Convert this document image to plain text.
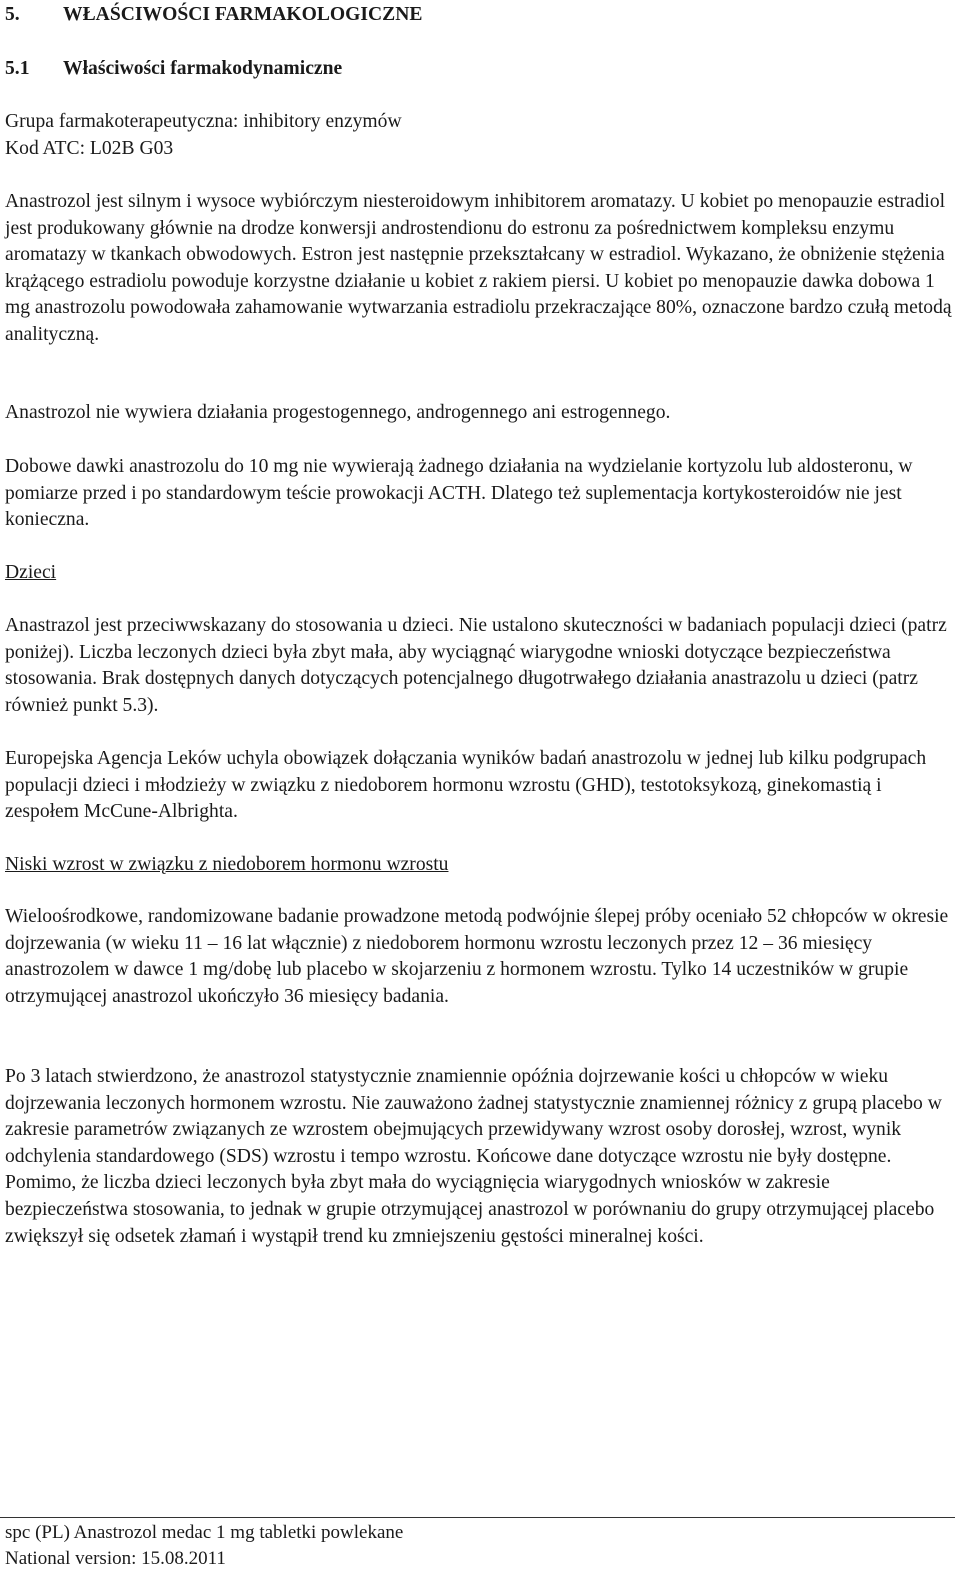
5. WŁAŚCIWOŚCI FARMAKOLOGICZNE
5.1 Właściwości farmakodynamiczne
Grupa farmakoterapeutyczna: inhibitory enzymów
Kod ATC: L02B G03

Anastrozol jest silnym i wysoce wybiórczym niesteroidowym inhibitorem aromatazy. U kobiet po menopauzie estradiol jest produkowany głównie na drodze konwersji androstendionu do estronu za pośrednictwem kompleksu enzymu aromatazy w tkankach obwodowych. Estron jest następnie przekształcany w estradiol. Wykazano, że obniżenie stężenia krążącego estradiolu powoduje korzystne działanie u kobiet z rakiem piersi. U kobiet po menopauzie dawka dobowa 1 mg anastrozolu powodowała zahamowanie wytwarzania estradiolu przekraczające 80%, oznaczone bardzo czułą metodą analityczną.

Anastrozol nie wywiera działania progestogennego, androgennego ani estrogennego.

Dobowe dawki anastrozolu do 10 mg nie wywierają żadnego działania na wydzielanie kortyzolu lub aldosteronu, w pomiarze przed i po standardowym teście prowokacji ACTH. Dlatego też suplementacja kortykosteroidów nie jest konieczna.

Dzieci

Anastrazol jest przeciwwskazany do stosowania u dzieci. Nie ustalono skuteczności w badaniach populacji dzieci (patrz poniżej). Liczba leczonych dzieci była zbyt mała, aby wyciągnąć wiarygodne wnioski dotyczące bezpieczeństwa stosowania. Brak dostępnych danych dotyczących potencjalnego długotrwałego działania anastrazolu u dzieci (patrz również punkt 5.3).

Europejska Agencja Leków uchyla obowiązek dołączania wyników badań anastrozolu w jednej lub kilku podgrupach populacji dzieci i młodzieży w związku z niedoborem hormonu wzrostu (GHD), testotoksykozą, ginekomastią i zespołem McCune-Albrighta.

Niski wzrost w związku z niedoborem hormonu wzrostu

Wieloośrodkowe, randomizowane badanie prowadzone metodą podwójnie ślepej próby oceniało 52 chłopców w okresie dojrzewania (w wieku 11 – 16 lat włącznie) z niedoborem hormonu wzrostu leczonych przez 12 – 36 miesięcy anastrozolem w dawce 1 mg/dobę lub placebo w skojarzeniu z hormonem wzrostu. Tylko 14 uczestników w grupie otrzymującej anastrozol ukończyło 36 miesięcy badania.

Po 3 latach stwierdzono, że anastrozol statystycznie znamiennie opóźnia dojrzewanie kości u chłopców w wieku dojrzewania leczonych hormonem wzrostu. Nie zauważono żadnej statystycznie znamiennej różnicy z grupą placebo w zakresie parametrów związanych ze wzrostem obejmujących przewidywany wzrost osoby dorosłej, wzrost, wynik odchylenia standardowego (SDS) wzrostu i tempo wzrostu. Końcowe dane dotyczące wzrostu nie były dostępne. Pomimo, że liczba dzieci leczonych była zbyt mała do wyciągnięcia wiarygodnych wniosków w zakresie bezpieczeństwa stosowania, to jednak w grupie otrzymującej anastrozol w porównaniu do grupy otrzymującej placebo zwiększył się odsetek złamań i wystąpił trend ku zmniejszeniu gęstości mineralnej kości.

spc (PL) Anastrozol medac 1 mg tabletki powlekane
National version: 15.08.2011
